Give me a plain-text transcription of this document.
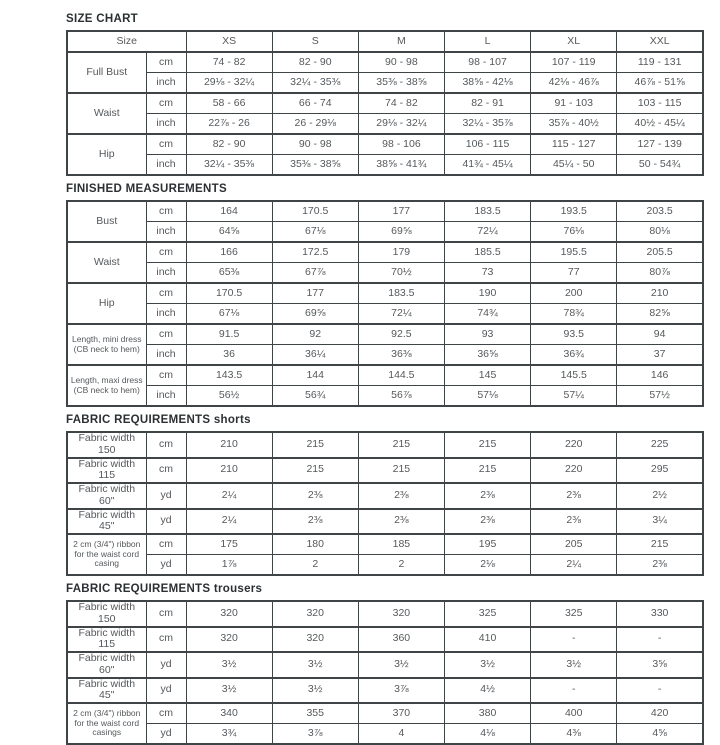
SIZE CHART
Size		XS	S	M	L	XL	XXL

Full Bust	cm	74 - 82	82 - 90	90 - 98	98 - 107	107 - 119	119 - 131
	inch	29⅛ - 32¼	32¼ - 35⅜	35⅜ - 38⅝	38⅝ - 42⅛	42⅛ - 46⅞	46⅞ - 51⅝

Waist	cm	58 - 66	66 - 74	74 - 82	82 - 91	91 - 103	103 - 115
	inch	22⅞ - 26	26 - 29⅛	29⅛ - 32¼	32¼ - 35⅞	35⅞ - 40½	40½ - 45¼

Hip	cm	82 - 90	90 - 98	98 - 106	106 - 115	115 - 127	127 - 139
	inch	32¼ - 35⅜	35⅜ - 38⅝	38⅝ - 41¾	41¾ - 45¼	45¼ - 50	50 - 54¾
FINISHED MEASUREMENTS
Bust	cm	164	170.5	177	183.5	193.5	203.5
	inch	64⅝	67⅛	69⅝	72¼	76⅛	80⅛

Waist	cm	166	172.5	179	185.5	195.5	205.5
	inch	65⅜	67⅞	70½	73	77	80⅞

Hip	cm	170.5	177	183.5	190	200	210
	inch	67⅛	69⅝	72¼	74¾	78¾	82⅝

Length, mini dress
(CB neck to hem)	cm	91.5	92	92.5	93	93.5	94
	inch	36	36¼	36⅜	36⅝	36¾	37

Length, maxi dress
(CB neck to hem)	cm	143.5	144	144.5	145	145.5	146
	inch	56½	56¾	56⅞	57⅛	57¼	57½
FABRIC REQUIREMENTS shorts
Fabric width 150	cm	210	215	215	215	220	225

Fabric width 115	cm	210	215	215	215	220	295

Fabric width 60"	yd	2¼	2⅜	2⅜	2⅜	2⅜	2½

Fabric width 45"	yd	2¼	2⅜	2⅜	2⅜	2⅜	3¼

2 cm (3/4") ribbon
for the waist cord
casing	cm	175	180	185	195	205	215
	yd	1⅞	2	2	2⅛	2¼	2⅜
FABRIC REQUIREMENTS trousers
Fabric width 150	cm	320	320	320	325	325	330

Fabric width 115	cm	320	320	360	410	-	-

Fabric width 60"	yd	3½	3½	3½	3½	3½	3⅝

Fabric width 45"	yd	3½	3½	3⅞	4½	-	-

2 cm (3/4") ribbon
for the waist cord
casings	cm	340	355	370	380	400	420
	yd	3¾	3⅞	4	4⅛	4⅜	4⅝
